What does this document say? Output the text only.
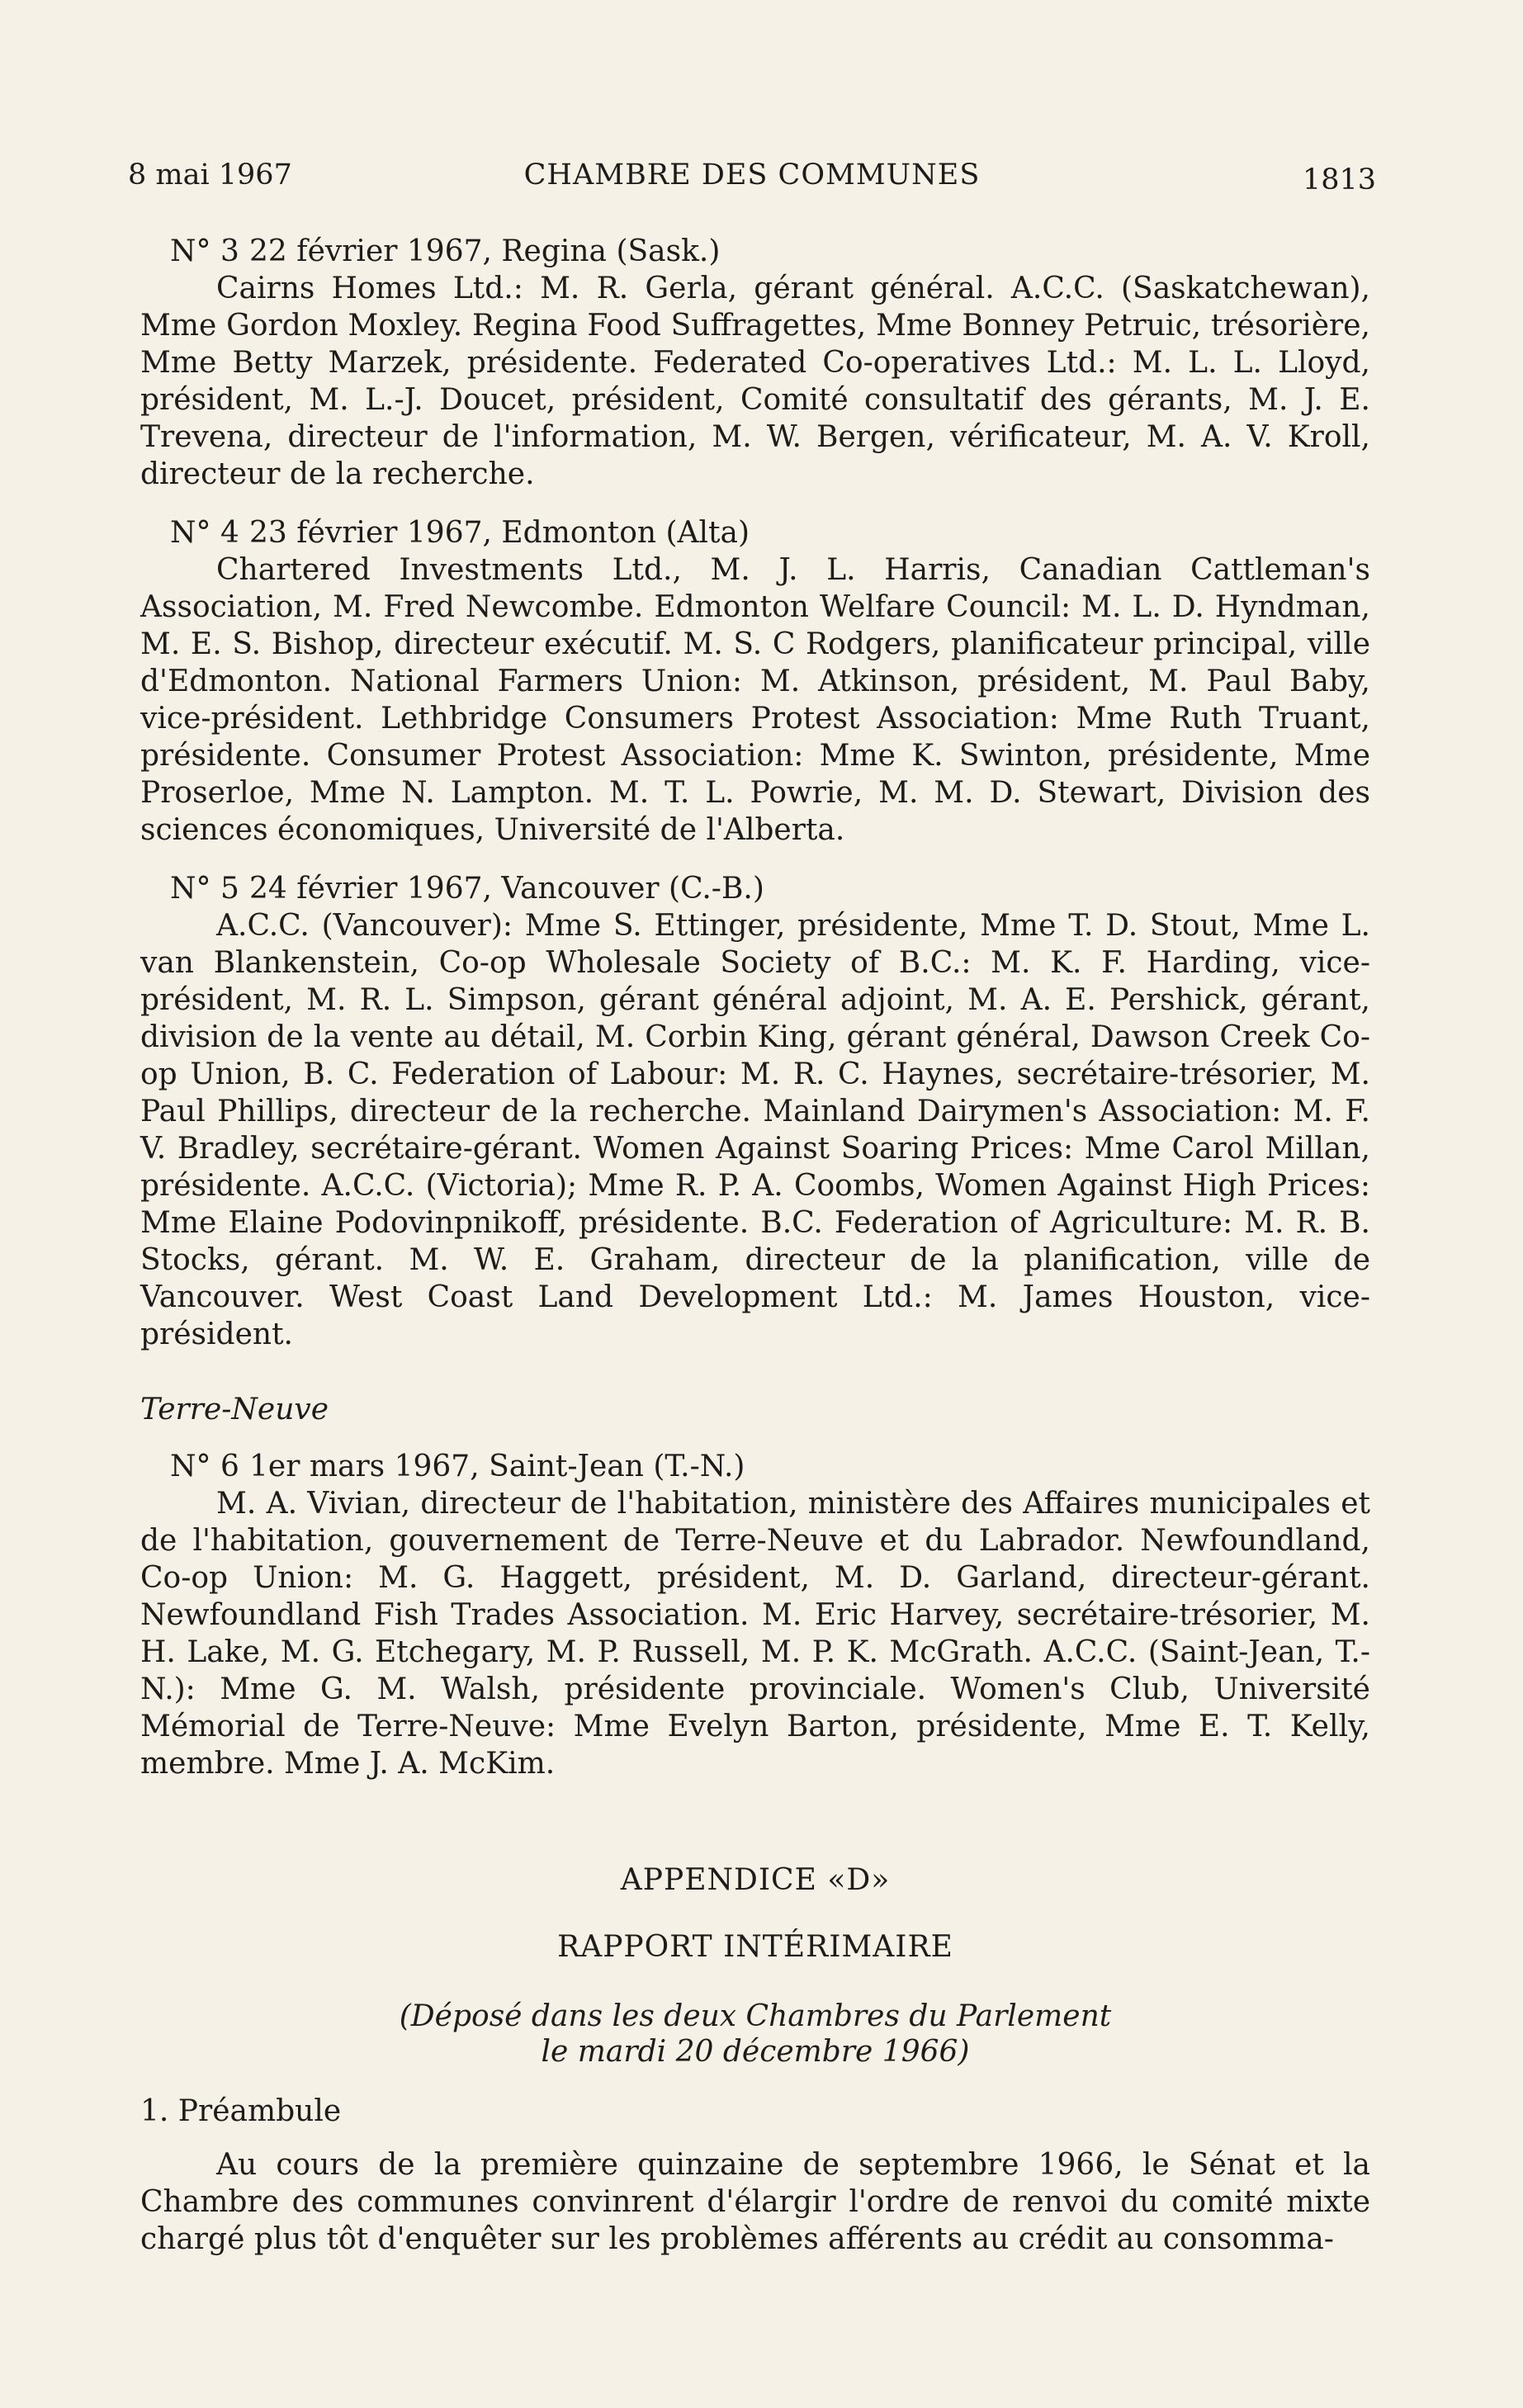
8 mai 1967	CHAMBRE DES COMMUNES	1813
N° 3 22 février 1967, Regina (Sask.)

Cairns Homes Ltd.: M. R. Gerla, gérant général. A.C.C. (Saskatchewan), Mme Gordon Moxley. Regina Food Suffragettes, Mme Bonney Petruic, trésorière, Mme Betty Marzek, présidente. Federated Co-operatives Ltd.: M. L. L. Lloyd, président, M. L.-J. Doucet, président, Comité consultatif des gérants, M. J. E. Trevena, directeur de l'information, M. W. Bergen, vérificateur, M. A. V. Kroll, directeur de la recherche.

N° 4 23 février 1967, Edmonton (Alta)

Chartered Investments Ltd., M. J. L. Harris, Canadian Cattleman's Association, M. Fred Newcombe. Edmonton Welfare Council: M. L. D. Hyndman, M. E. S. Bishop, directeur exécutif. M. S. C Rodgers, planificateur principal, ville d'Edmonton. National Farmers Union: M. Atkinson, président, M. Paul Baby, vice-président. Lethbridge Consumers Protest Association: Mme Ruth Truant, présidente. Consumer Protest Association: Mme K. Swinton, présidente, Mme Proserloe, Mme N. Lampton. M. T. L. Powrie, M. M. D. Stewart, Division des sciences économiques, Université de l'Alberta.

N° 5 24 février 1967, Vancouver (C.-B.)

A.C.C. (Vancouver): Mme S. Ettinger, présidente, Mme T. D. Stout, Mme L. van Blankenstein, Co-op Wholesale Society of B.C.: M. K. F. Harding, vice-président, M. R. L. Simpson, gérant général adjoint, M. A. E. Pershick, gérant, division de la vente au détail, M. Corbin King, gérant général, Dawson Creek Co-op Union, B. C. Federation of Labour: M. R. C. Haynes, secrétaire-trésorier, M. Paul Phillips, directeur de la recherche. Mainland Dairymen's Association: M. F. V. Bradley, secrétaire-gérant. Women Against Soaring Prices: Mme Carol Millan, présidente. A.C.C. (Victoria); Mme R. P. A. Coombs, Women Against High Prices: Mme Elaine Podovinpnikoff, présidente. B.C. Federation of Agriculture: M. R. B. Stocks, gérant. M. W. E. Graham, directeur de la planification, ville de Vancouver. West Coast Land Development Ltd.: M. James Houston, vice-président.

Terre-Neuve
N° 6 1er mars 1967, Saint-Jean (T.-N.)

M. A. Vivian, directeur de l'habitation, ministère des Affaires municipales et de l'habitation, gouvernement de Terre-Neuve et du Labrador. Newfoundland, Co-op Union: M. G. Haggett, président, M. D. Garland, directeur-gérant. Newfoundland Fish Trades Association. M. Eric Harvey, secrétaire-trésorier, M. H. Lake, M. G. Etchegary, M. P. Russell, M. P. K. McGrath. A.C.C. (Saint-Jean, T.-N.): Mme G. M. Walsh, présidente provinciale. Women's Club, Université Mémorial de Terre-Neuve: Mme Evelyn Barton, présidente, Mme E. T. Kelly, membre. Mme J. A. McKim.

APPENDICE «D»
RAPPORT INTÉRIMAIRE
(Déposé dans les deux Chambres du Parlement
le mardi 20 décembre 1966)
1. Préambule

Au cours de la première quinzaine de septembre 1966, le Sénat et la Chambre des communes convinrent d'élargir l'ordre de renvoi du comité mixte chargé plus tôt d'enquêter sur les problèmes afférents au crédit au consomma-
